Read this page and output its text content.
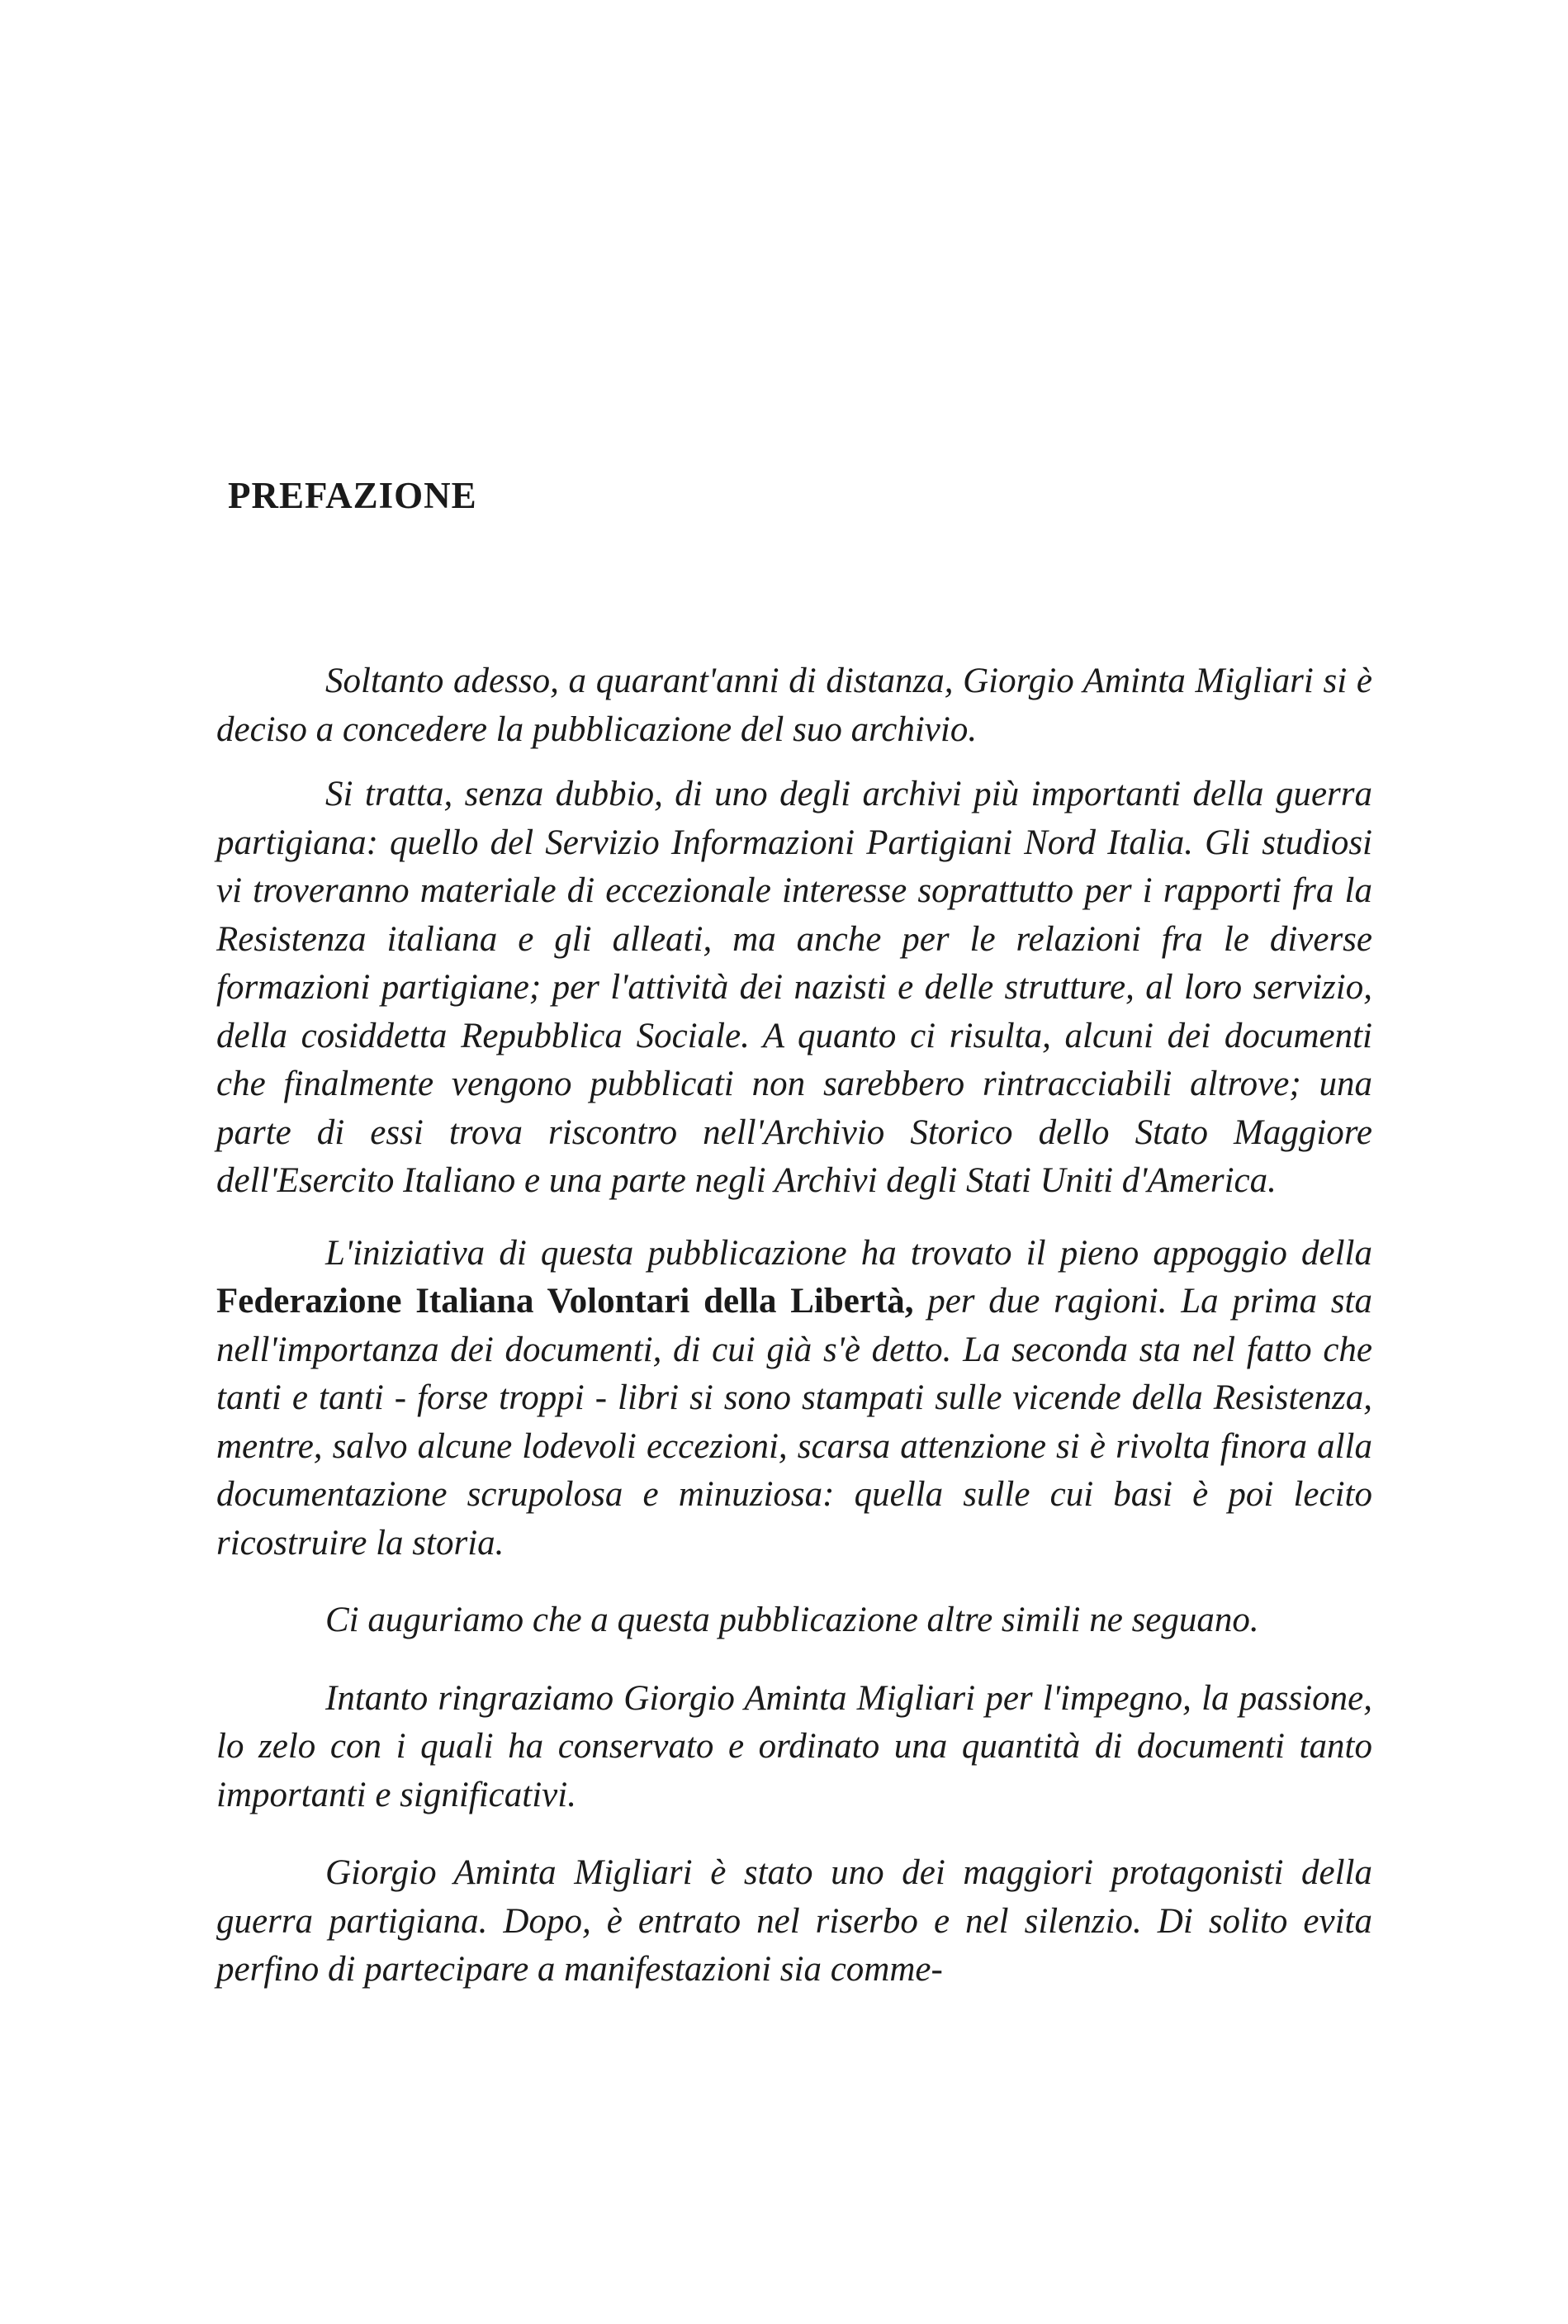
PREFAZIONE

Soltanto adesso, a quarant'anni di distanza, Giorgio Aminta Migliari si è deciso a concedere la pubblicazione del suo archivio.

Si tratta, senza dubbio, di uno degli archivi più importanti della guerra partigiana: quello del Servizio Informazioni Partigiani Nord Italia. Gli studiosi vi troveranno materiale di eccezionale interesse soprattutto per i rapporti fra la Resistenza italiana e gli alleati, ma anche per le relazioni fra le diverse formazioni partigiane; per l'attività dei nazisti e delle strutture, al loro servizio, della cosiddetta Repubblica Sociale. A quanto ci risulta, alcuni dei documenti che finalmente vengono pubblicati non sarebbero rintracciabili altrove; una parte di essi trova riscontro nell'Archivio Storico dello Stato Maggiore dell'Esercito Italiano e una parte negli Archivi degli Stati Uniti d'America.

L'iniziativa di questa pubblicazione ha trovato il pieno appoggio della Federazione Italiana Volontari della Libertà, per due ragioni. La prima sta nell'importanza dei documenti, di cui già s'è detto. La seconda sta nel fatto che tanti e tanti - forse troppi - libri si sono stampati sulle vicende della Resistenza, mentre, salvo alcune lodevoli eccezioni, scarsa attenzione si è rivolta finora alla documentazione scrupolosa e minuziosa: quella sulle cui basi è poi lecito ricostruire la storia.

Ci auguriamo che a questa pubblicazione altre simili ne seguano.

Intanto ringraziamo Giorgio Aminta Migliari per l'impegno, la passione, lo zelo con i quali ha conservato e ordinato una quantità di documenti tanto importanti e significativi.

Giorgio Aminta Migliari è stato uno dei maggiori protagonisti della guerra partigiana. Dopo, è entrato nel riserbo e nel silenzio. Di solito evita perfino di partecipare a manifestazioni sia comme-
